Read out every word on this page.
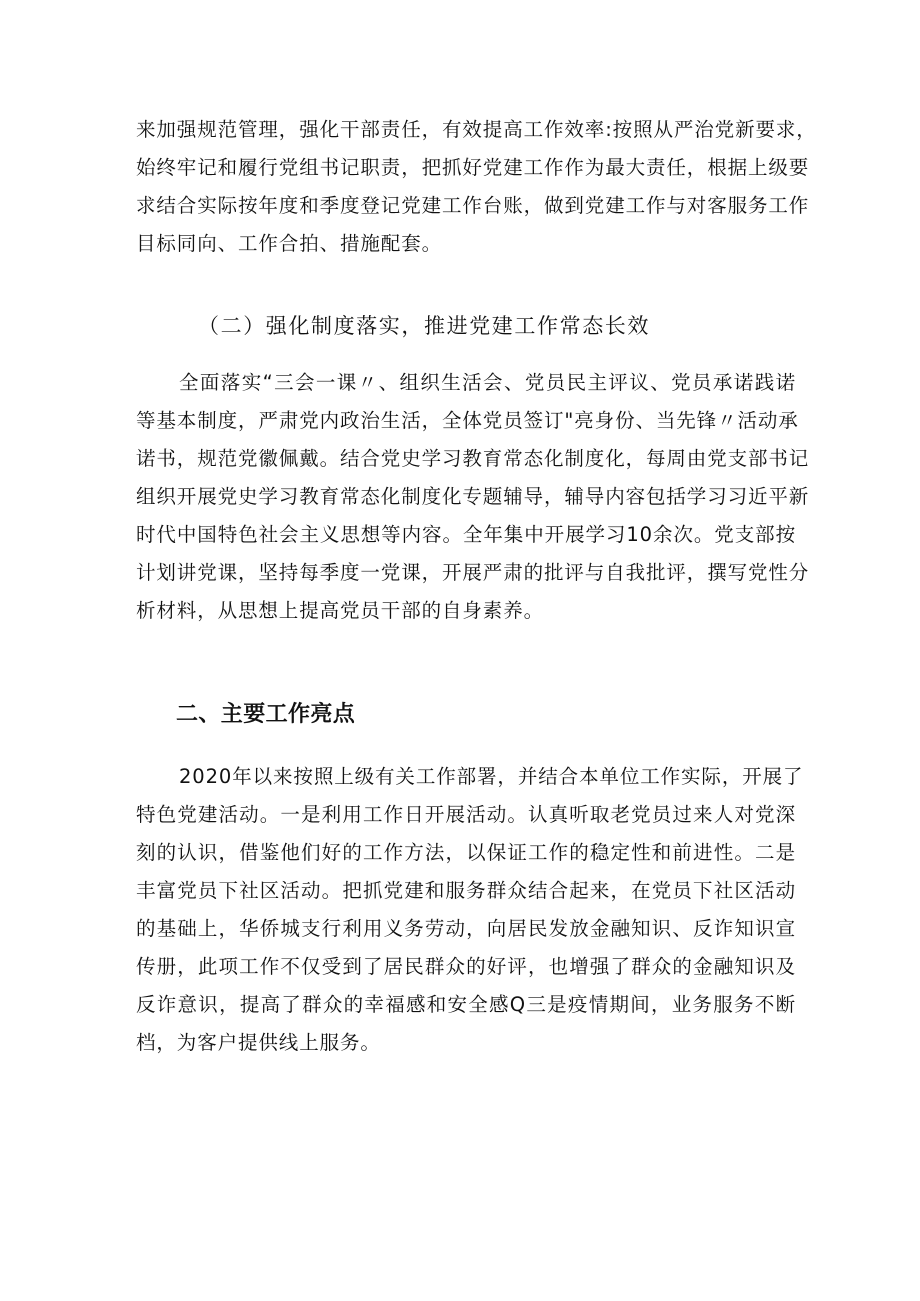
来加强规范管理，强化干部责任，有效提高工作效率:按照从严治党新要求，
始终牢记和履行党组书记职责，把抓好党建工作作为最大责任，根据上级要
求结合实际按年度和季度登记党建工作台账，做到党建工作与对客服务工作
目标同向、工作合拍、措施配套。
（二）强化制度落实，推进党建工作常态长效
全面落实“三会一课〃、组织生活会、党员民主评议、党员承诺践诺
等基本制度，严肃党内政治生活，全体党员签订"亮身份、当先锋〃活动承
诺书，规范党徽佩戴。结合党史学习教育常态化制度化，每周由党支部书记
组织开展党史学习教育常态化制度化专题辅导，辅导内容包括学习习近平新
时代中国特色社会主义思想等内容。全年集中开展学习10余次。党支部按
计划讲党课，坚持每季度一党课，开展严肃的批评与自我批评，撰写党性分
析材料，从思想上提高党员干部的自身素养。
二、主要工作亮点
2020年以来按照上级有关工作部署，并结合本单位工作实际，开展了
特色党建活动。一是利用工作日开展活动。认真听取老党员过来人对党深
刻的认识，借鉴他们好的工作方法，以保证工作的稳定性和前进性。二是
丰富党员下社区活动。把抓党建和服务群众结合起来，在党员下社区活动
的基础上，华侨城支行利用义务劳动，向居民发放金融知识、反诈知识宣
传册，此项工作不仅受到了居民群众的好评，也增强了群众的金融知识及
反诈意识，提高了群众的幸福感和安全感Q三是疫情期间，业务服务不断
档，为客户提供线上服务。
